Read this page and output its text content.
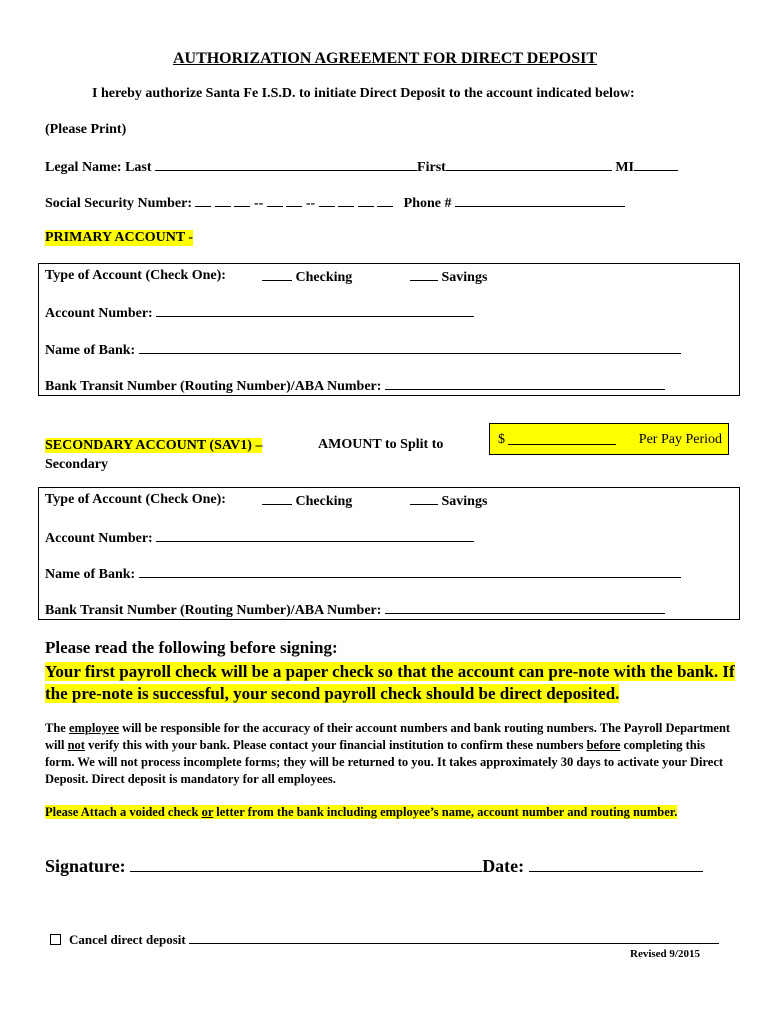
AUTHORIZATION AGREEMENT FOR DIRECT DEPOSIT
I hereby authorize Santa Fe I.S.D. to initiate Direct Deposit to the account indicated below:
(Please Print)
Legal Name: Last	First	MI
Social Security Number:	--	--	Phone #
PRIMARY ACCOUNT -
Type of Account (Check One):	Checking	Savings
Account Number:
Name of Bank:
Bank Transit Number (Routing Number)/ABA Number:
SECONDARY ACCOUNT (SAV1) –
Secondary
AMOUNT to Split to	$	Per Pay Period
Type of Account (Check One):	Checking	Savings
Account Number:
Name of Bank:
Bank Transit Number (Routing Number)/ABA Number:
Please read the following before signing:
Your first payroll check will be a paper check so that the account can pre-note with the bank. If the pre-note is successful, your second payroll check should be direct deposited.
The employee will be responsible for the accuracy of their account numbers and bank routing numbers. The Payroll Department will not verify this with your bank. Please contact your financial institution to confirm these numbers before completing this form. We will not process incomplete forms; they will be returned to you. It takes approximately 30 days to activate your Direct Deposit. Direct deposit is mandatory for all employees.
Please Attach a voided check or letter from the bank including employee’s name, account number and routing number.
Signature:	Date:
Cancel direct deposit
Revised 9/2015
